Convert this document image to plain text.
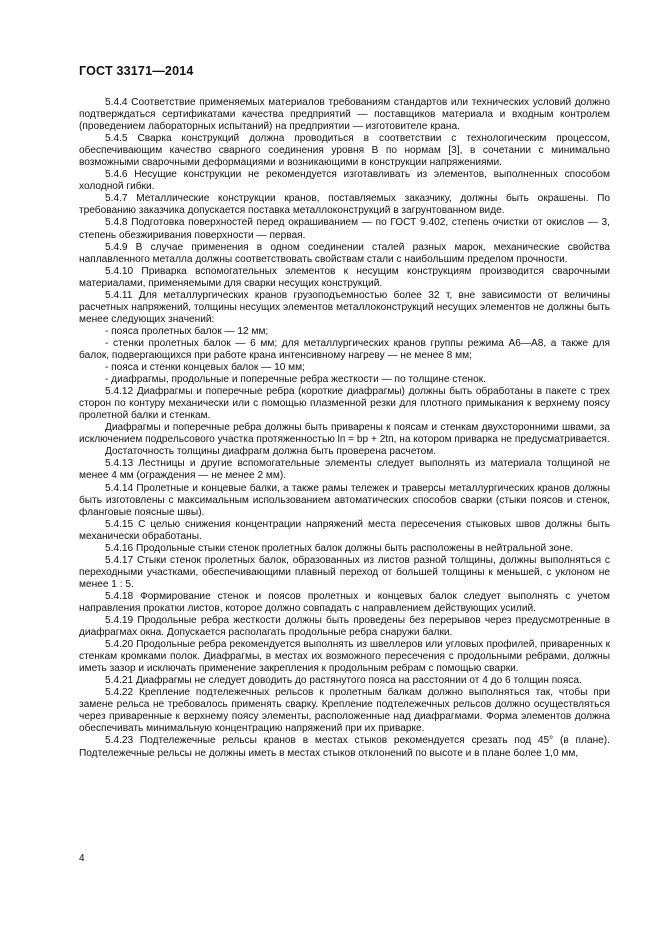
ГОСТ 33171—2014

5.4.4 Соответствие применяемых материалов требованиям стандартов или технических условий должно подтверждаться сертификатами качества предприятий — поставщиков материала и входным контролем (проведением лабораторных испытаний) на предприятии — изготовителе крана.

5.4.5 Сварка конструкций должна проводиться в соответствии с технологическим процессом, обеспечивающим качество сварного соединения уровня B по нормам [3], в сочетании с минимально возможными сварочными деформациями и возникающими в конструкции напряжениями.

5.4.6 Несущие конструкции не рекомендуется изготавливать из элементов, выполненных способом холодной гибки.

5.4.7 Металлические конструкции кранов, поставляемых заказчику, должны быть окрашены. По требованию заказчика допускается поставка металлоконструкций в загрунтованном виде.

5.4.8 Подготовка поверхностей перед окрашиванием — по ГОСТ 9.402, степень очистки от окислов — 3, степень обезжиривания поверхности — первая.

5.4.9 В случае применения в одном соединении сталей разных марок, механические свойства наплавленного металла должны соответствовать свойствам стали с наибольшим пределом прочности.

5.4.10 Приварка вспомогательных элементов к несущим конструкциям производится сварочными материалами, применяемыми для сварки несущих конструкций.

5.4.11 Для металлургических кранов грузоподъемностью более 32 т, вне зависимости от величины расчетных напряжений, толщины несущих элементов металлоконструкций несущих элементов не должны быть менее следующих значений:

- пояса пролетных балок — 12 мм;

- стенки пролетных балок — 6 мм; для металлургических кранов группы режима А6—А8, а также для балок, подвергающихся при работе крана интенсивному нагреву — не менее 8 мм;

- пояса и стенки концевых балок — 10 мм;

- диафрагмы, продольные и поперечные ребра жесткости — по толщине стенок.

5.4.12 Диафрагмы и поперечные ребра (короткие диафрагмы) должны быть обработаны в пакете с трех сторон по контуру механически или с помощью плазменной резки для плотного примыкания к верхнему поясу пролетной балки и стенкам.

Диафрагмы и поперечные ребра должны быть приварены к поясам и стенкам двухсторонними швами, за исключением подрельсового участка протяженностью lп = bр + 2tп, на котором приварка не предусматривается.

Достаточность толщины диафрагм должна быть проверена расчетом.

5.4.13 Лестницы и другие вспомогательные элементы следует выполнять из материала толщиной не менее 4 мм (ограждения — не менее 2 мм).

5.4.14 Пролетные и концевые балки, а также рамы тележек и траверсы металлургических кранов должны быть изготовлены с максимальным использованием автоматических способов сварки (стыки поясов и стенок, фланговые поясные швы).

5.4.15 С целью снижения концентрации напряжений места пересечения стыковых швов должны быть механически обработаны.

5.4.16 Продольные стыки стенок пролетных балок должны быть расположены в нейтральной зоне.

5.4.17 Стыки стенок пролетных балок, образованных из листов разной толщины, должны выполняться с переходными участками, обеспечивающими плавный переход от большей толщины к меньшей, с уклоном не менее 1 : 5.

5.4.18 Формирование стенок и поясов пролетных и концевых балок следует выполнять с учетом направления прокатки листов, которое должно совпадать с направлением действующих усилий.

5.4.19 Продольные ребра жесткости должны быть проведены без перерывов через предусмотренные в диафрагмах окна. Допускается располагать продольные ребра снаружи балки.

5.4.20 Продольные ребра рекомендуется выполнять из швеллеров или угловых профилей, приваренных к стенкам кромками полок. Диафрагмы, в местах их возможного пересечения с продольными ребрами, должны иметь зазор и исключать применение закрепления к продольным ребрам с помощью сварки.

5.4.21 Диафрагмы не следует доводить до растянутого пояса на расстоянии от 4 до 6 толщин пояса.

5.4.22 Крепление подтележечных рельсов к пролетным балкам должно выполняться так, чтобы при замене рельса не требовалось применять сварку. Крепление подтележечных рельсов должно осуществляться через приваренные к верхнему поясу элементы, расположенные над диафрагмами. Форма элементов должна обеспечивать минимальную концентрацию напряжений при их приварке.

5.4.23 Подтележечные рельсы кранов в местах стыков рекомендуется срезать под 45° (в плане). Подтележечные рельсы не должны иметь в местах стыков отклонений по высоте и в плане более 1,0 мм,

4
